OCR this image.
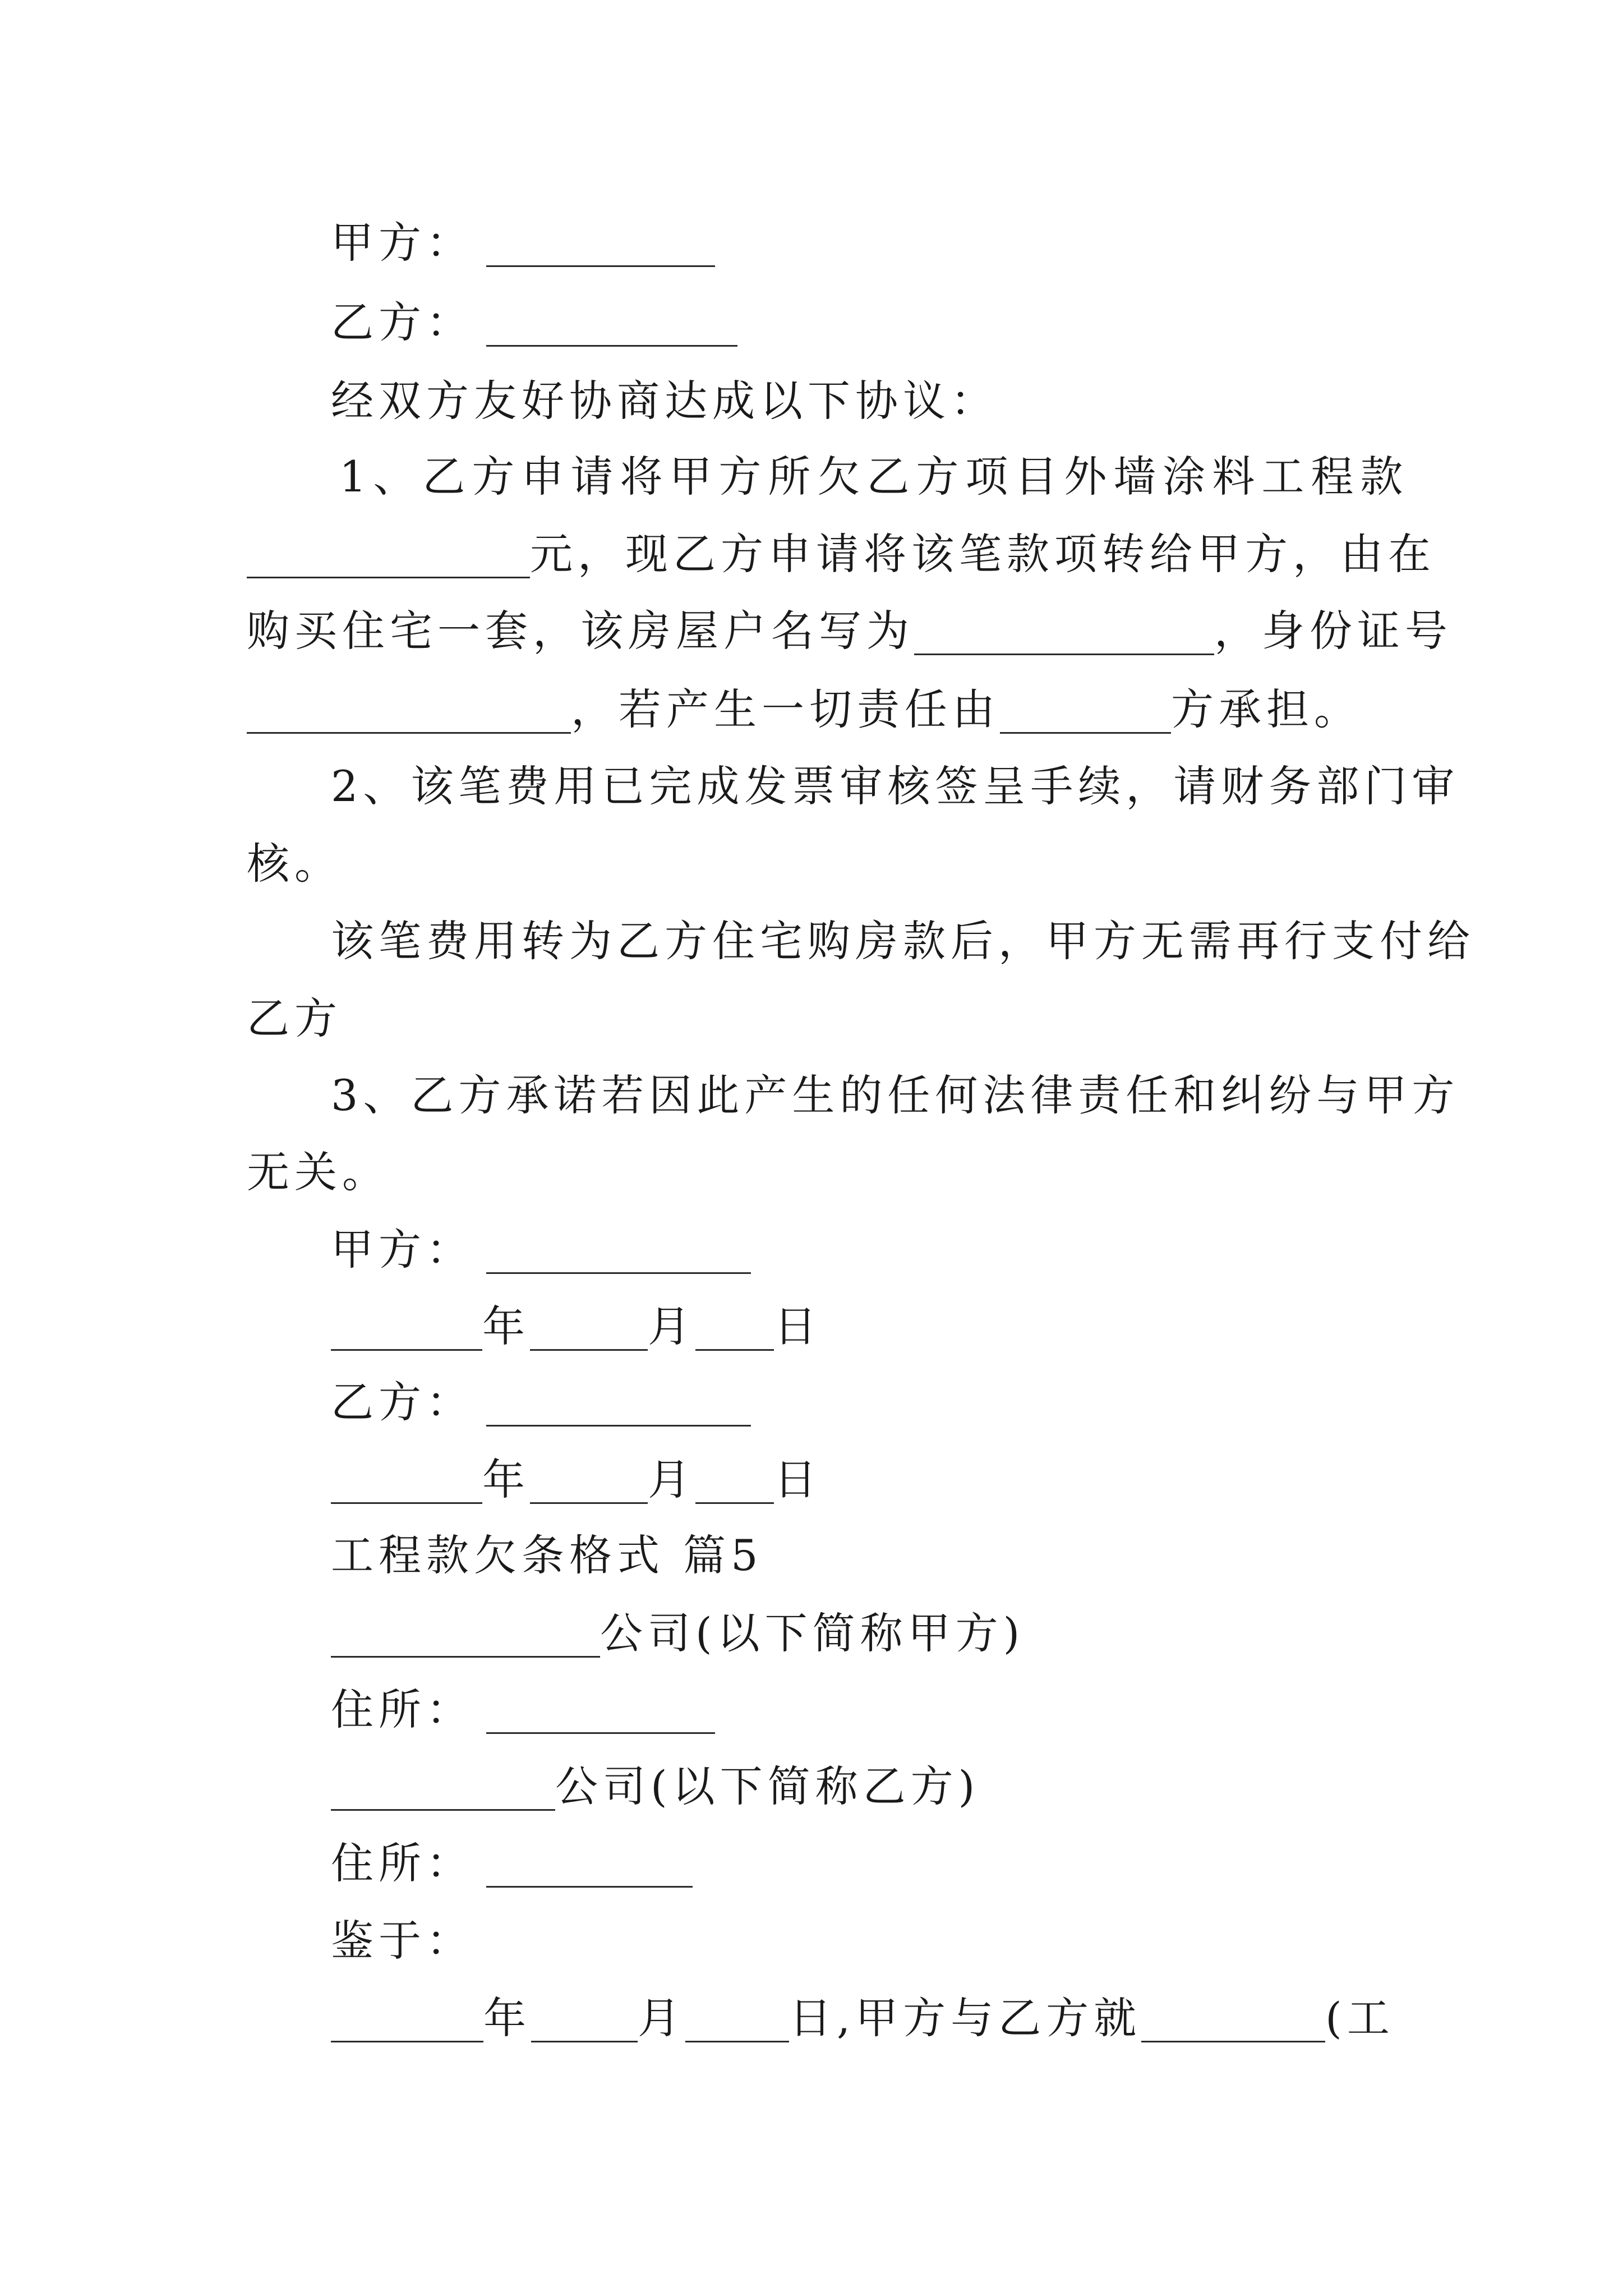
甲方：
乙方：
经双方友好协商达成以下协议：
1、乙方申请将甲方所欠乙方项目外墙涂料工程款
元，现乙方申请将该笔款项转给甲方，由在
购买住宅一套，该房屋户名写为	，身份证号
，若产生一切责任由	方承担。
2、该笔费用已完成发票审核签呈手续，请财务部门审
核。
该笔费用转为乙方住宅购房款后，甲方无需再行支付给
乙方
3、乙方承诺若因此产生的任何法律责任和纠纷与甲方
无关。
甲方：
年	月 日
乙方：
年	月 日
工程款欠条格式 篇5
公司(以下简称甲方)
住所：
公司(以下简称乙方)
住所：
鉴于：
年	月 日,甲方与乙方就	(工
